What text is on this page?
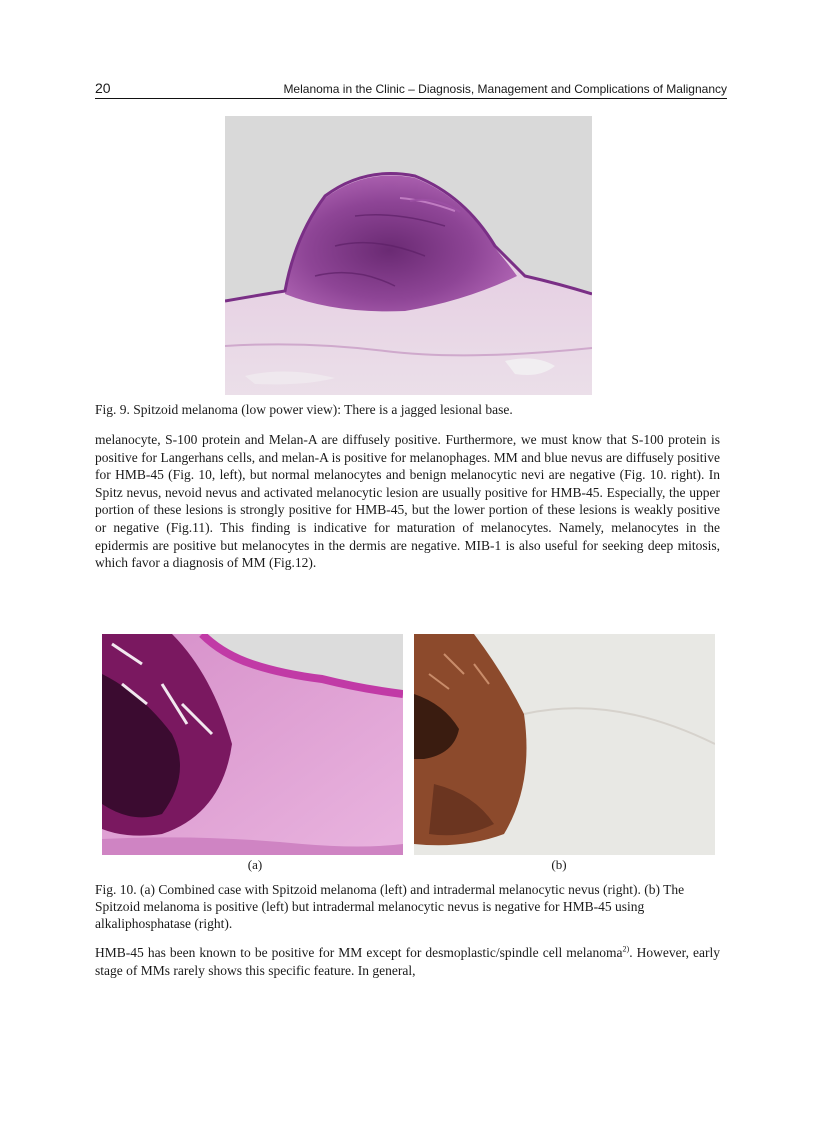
20	Melanoma in the Clinic – Diagnosis, Management and Complications of Malignancy
Fig. 9. Spitzoid melanoma (low power view): There is a jagged lesional base.

melanocyte, S-100 protein and Melan-A are diffusely positive. Furthermore, we must know that S-100 protein is positive for Langerhans cells, and melan-A is positive for melanophages. MM and blue nevus are diffusely positive for HMB-45 (Fig. 10, left), but normal melanocytes and benign melanocytic nevi are negative (Fig. 10. right). In Spitz nevus, nevoid nevus and activated melanocytic lesion are usually positive for HMB-45. Especially, the upper portion of these lesions is strongly positive for HMB-45, but the lower portion of these lesions is weakly positive or negative (Fig.11). This finding is indicative for maturation of melanocytes. Namely, melanocytes in the epidermis are positive but melanocytes in the dermis are negative. MIB-1 is also useful for seeking deep mitosis, which favor a diagnosis of MM (Fig.12).

(a)	(b)
Fig. 10. (a) Combined case with Spitzoid melanoma (left) and intradermal melanocytic nevus (right). (b) The Spitzoid melanoma is positive (left) but intradermal melanocytic nevus is negative for HMB-45 using alkaliphosphatase (right).

HMB-45 has been known to be positive for MM except for desmoplastic/spindle cell melanoma$^{2)}$. However, early stage of MMs rarely shows this specific feature. In general,
